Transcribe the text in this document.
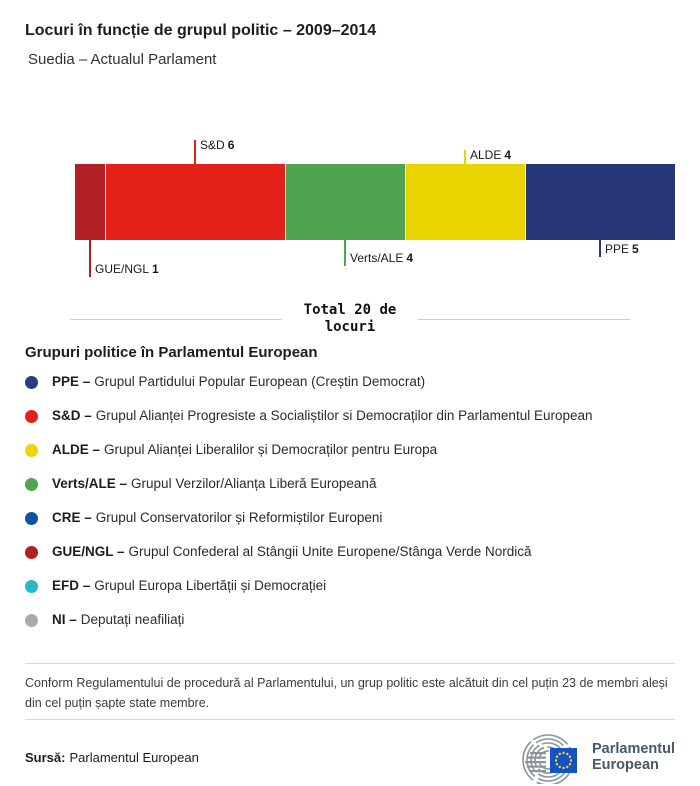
Locuri în funcție de grupul politic – 2009–2014
Suedia – Actualul Parlament
GUE/NGL 1
S&D 6
Verts/ALE 4
ALDE 4
PPE 5
Total 20 de locuri
Grupuri politice în Parlamentul European
PPE – Grupul Partidului Popular European (Creștin Democrat)
S&D – Grupul Alianței Progresiste a Socialiștilor si Democraților din Parlamentul European
ALDE – Grupul Alianței Liberalilor și Democraților pentru Europa
Verts/ALE – Grupul Verzilor/Alianța Liberă Europeană
CRE – Grupul Conservatorilor și Reformiștilor Europeni
GUE/NGL – Grupul Confederal al Stângii Unite Europene/Stânga Verde Nordică
EFD – Grupul Europa Libertății și Democrației
NI – Deputați neafiliați

Conform Regulamentului de procedură al Parlamentului, un grup politic este alcătuit din cel puțin 23 de membri aleși din cel puțin șapte state membre.

Sursă: Parlamentul European	Parlamentul
European
